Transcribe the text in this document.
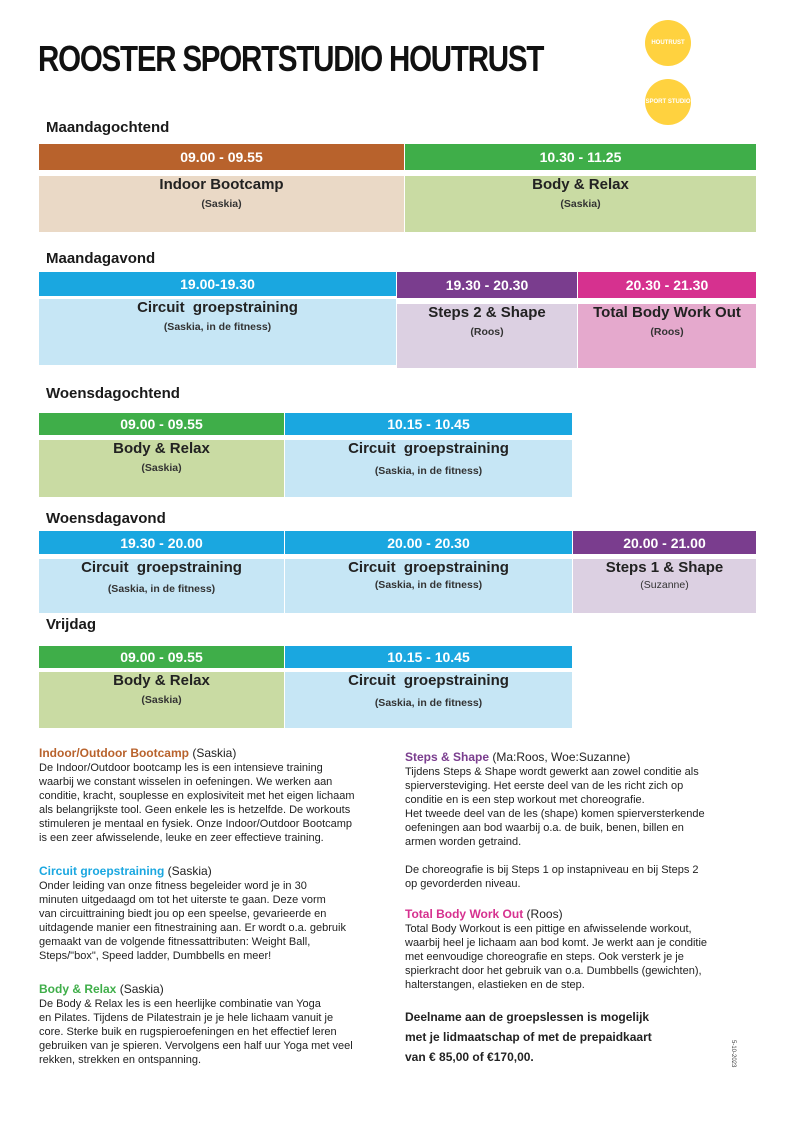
ROOSTER SPORTSTUDIO HOUTRUST	HOUTRUST
SPORT STUDIO
Maandagochtend
09.00 - 09.55
Indoor Bootcamp
(Saskia)
10.30 - 11.25
Body & Relax
(Saskia)
Maandagavond
19.00-19.30
Circuit  groepstraining
(Saskia, in de fitness)
19.30 - 20.30
Steps 2 & Shape
(Roos)
20.30 - 21.30
Total Body Work Out
(Roos)
Woensdagochtend
09.00 - 09.55
Body & Relax
(Saskia)
10.15 - 10.45
Circuit  groepstraining
(Saskia, in de fitness)
Woensdagavond
19.30 - 20.00
Circuit  groepstraining
(Saskia, in de fitness)
20.00 - 20.30
Circuit  groepstraining
(Saskia, in de fitness)
20.00 - 21.00
Steps 1 & Shape
(Suzanne)
Vrijdag
09.00 - 09.55
Body & Relax
(Saskia)
10.15 - 10.45
Circuit  groepstraining
(Saskia, in de fitness)
Indoor/Outdoor Bootcamp (Saskia)

De Indoor/Outdoor bootcamp les is een intensieve training

waarbij we constant wisselen in oefeningen. We werken aan

conditie, kracht, souplesse en explosiviteit met het eigen lichaam

als belangrijkste tool. Geen enkele les is hetzelfde. De workouts

stimuleren je mentaal en fysiek. Onze Indoor/Outdoor Bootcamp

is een zeer afwisselende, leuke en zeer effectieve training.

Circuit groepstraining (Saskia)

Onder leiding van onze fitness begeleider word je in 30

minuten uitgedaagd om tot het uiterste te gaan. Deze vorm

van circuittraining biedt jou op een speelse, gevarieerde en

uitdagende manier een fitnestraining aan. Er wordt o.a. gebruik

gemaakt van de volgende fitnessattributen: Weight Ball,

Steps/"box", Speed ladder, Dumbbells en meer!

Body & Relax (Saskia)

De Body & Relax les is een heerlijke combinatie van Yoga

en Pilates. Tijdens de Pilatestrain je je hele lichaam vanuit je

core. Sterke buik en rugspieroefeningen en het effectief leren

gebruiken van je spieren. Vervolgens een half uur Yoga met veel

rekken, strekken en ontspanning.

Steps & Shape (Ma:Roos, Woe:Suzanne)

Tijdens Steps & Shape wordt gewerkt aan zowel conditie als

spierversteviging. Het eerste deel van de les richt zich op

conditie en is een step workout met choreografie.

Het tweede deel van de les (shape) komen spierversterkende

oefeningen aan bod waarbij o.a. de buik, benen, billen en

armen worden getraind.

De choreografie is bij Steps 1 op instapniveau en bij Steps 2

op gevorderden niveau.

Total Body Work Out (Roos)

Total Body Workout is een pittige en afwisselende workout,

waarbij heel je lichaam aan bod komt. Je werkt aan je conditie

met eenvoudige choreografie en steps. Ook versterk je je

spierkracht door het gebruik van o.a. Dumbbells (gewichten),

halterstangen, elastieken en de step.

Deelname aan de groepslessen is mogelijk
met je lidmaatschap of met de prepaidkaart
van € 85,00 of €170,00.	5-10-2023
